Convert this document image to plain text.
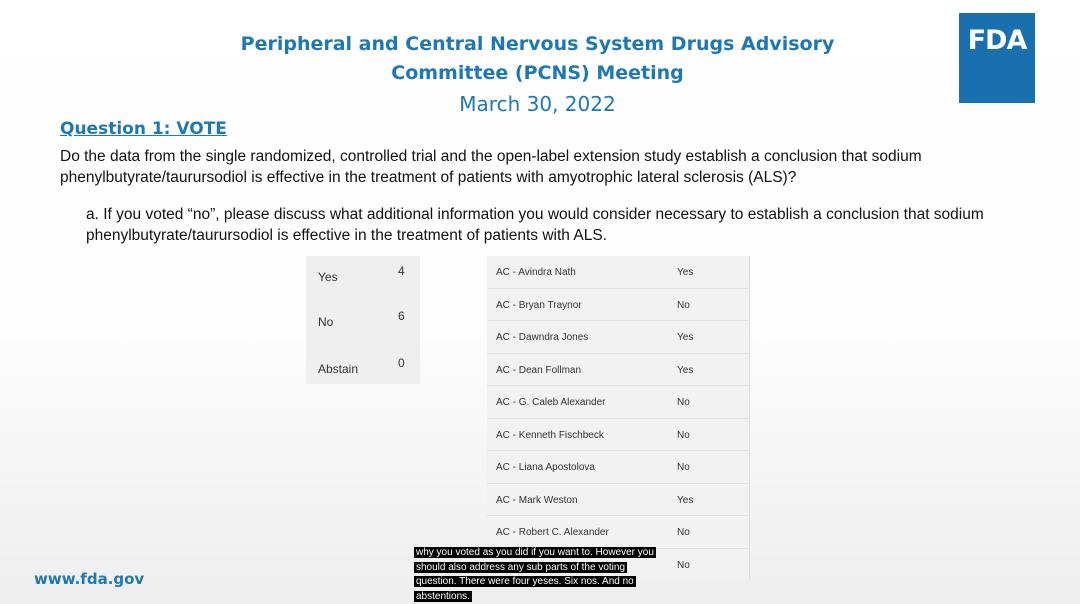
Peripheral and Central Nervous System Drugs Advisory
Committee (PCNS) Meeting
March 30, 2022
FDA
Question 1: VOTE
Do the data from the single randomized, controlled trial and the open-label extension study establish a conclusion that sodium phenylbutyrate/taurursodiol is effective in the treatment of patients with amyotrophic lateral sclerosis (ALS)?
a. If you voted “no”, please discuss what additional information you would consider necessary to establish a conclusion that sodium phenylbutyrate/taurursodiol is effective in the treatment of patients with ALS.
Yes	4
No	6
Abstain	0
AC - Avindra Nath	Yes
AC - Bryan Traynor	No
AC - Dawndra Jones	Yes
AC - Dean Follman	Yes
AC - G. Caleb Alexander	No
AC - Kenneth Fischbeck	No
AC - Liana Apostolova	No
AC - Mark Weston	Yes
AC - Robert C. Alexander	No
No
www.fda.gov
why you voted as you did if you want to. However you should also address any sub parts of the voting question. There were four yeses. Six nos. And no abstentions.
